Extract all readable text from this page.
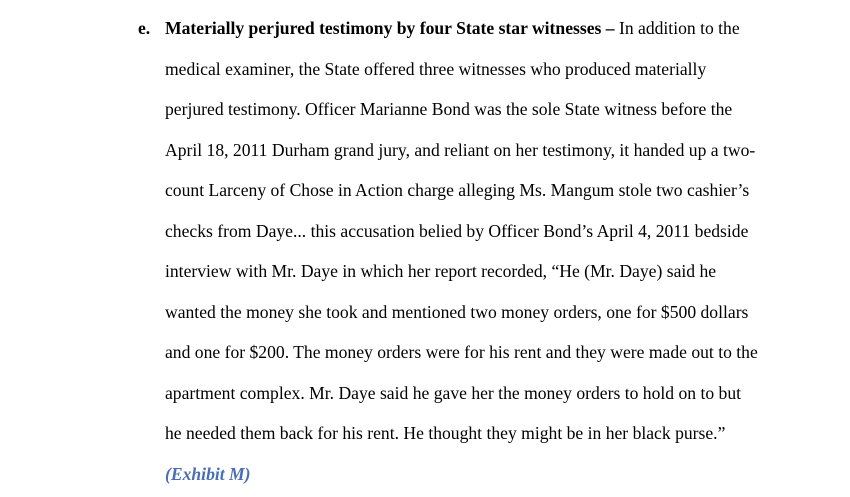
e. Materially perjured testimony by four State star witnesses – In addition to the
medical examiner, the State offered three witnesses who produced materially
perjured testimony. Officer Marianne Bond was the sole State witness before the
April 18, 2011 Durham grand jury, and reliant on her testimony, it handed up a two-
count Larceny of Chose in Action charge alleging Ms. Mangum stole two cashier’s
checks from Daye... this accusation belied by Officer Bond’s April 4, 2011 bedside
interview with Mr. Daye in which her report recorded, “He (Mr. Daye) said he
wanted the money she took and mentioned two money orders, one for $500 dollars
and one for $200. The money orders were for his rent and they were made out to the
apartment complex. Mr. Daye said he gave her the money orders to hold on to but
he needed them back for his rent. He thought they might be in her black purse.”
(Exhibit M)
